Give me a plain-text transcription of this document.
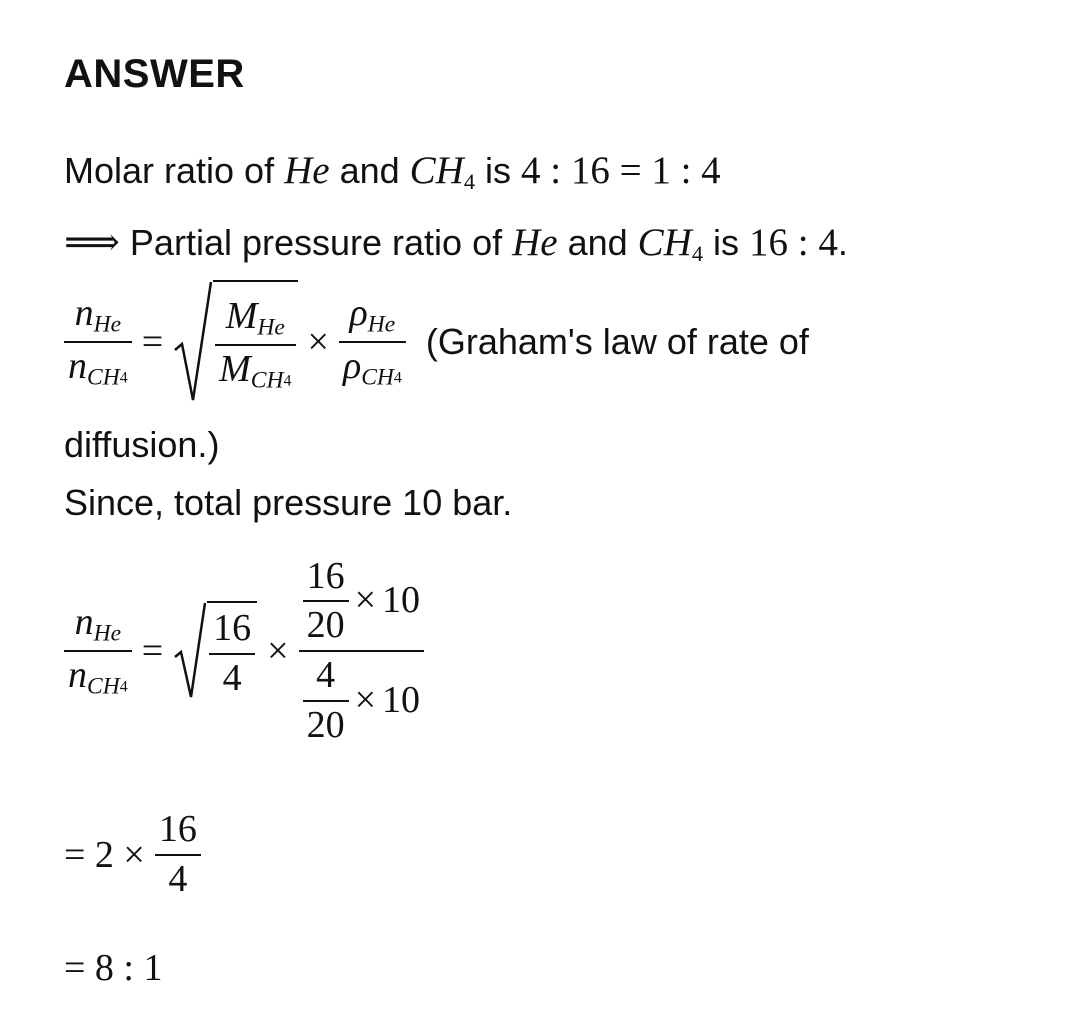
ANSWER
Molar ratio of He and $CH_4$ is 4 : 16 = 1 : 4
⟹ Partial pressure ratio of He and $CH_4$ is 16 : 4.
$\frac{\text{nHe}}{nCH_4} = \frac{\text{MHe}}{MCH_4} \times \frac{\text{ρHe}}{\rho CH_4}$ (Graham's law of rate of
diffusion.)
Since, total pressure 10 bar.
$\frac{\text{nHe}}{nCH_4} = \frac{16}{4} \times \frac{\frac{16}{20} \times 10}{\frac{4}{20} \times 10}$
= $2 \times \frac{16}{4}$
= 8 : 1
